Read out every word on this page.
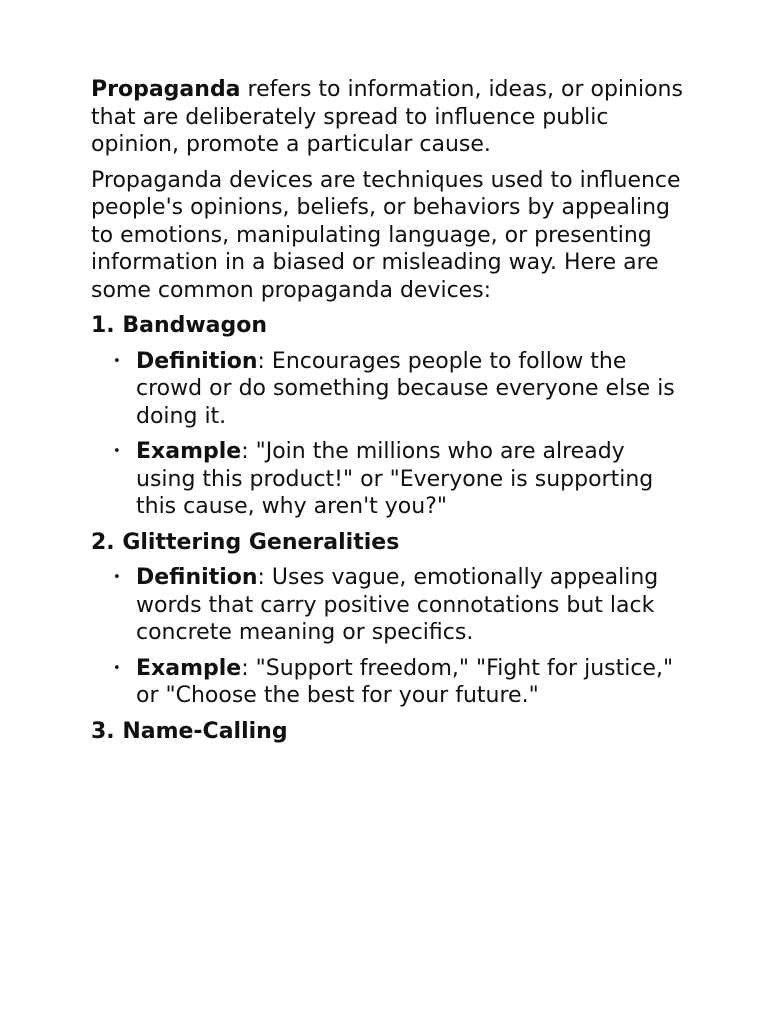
Propaganda refers to information, ideas, or opinions that are deliberately spread to influence public opinion, promote a particular cause.

Propaganda devices are techniques used to influence people's opinions, beliefs, or behaviors by appealing to emotions, manipulating language, or presenting information in a biased or misleading way. Here are some common propaganda devices:

1. Bandwagon
• Definition: Encourages people to follow the crowd or do something because everyone else is doing it.
• Example: "Join the millions who are already using this product!" or "Everyone is supporting this cause, why aren't you?"
2. Glittering Generalities
• Definition: Uses vague, emotionally appealing words that carry positive connotations but lack concrete meaning or specifics.
• Example: "Support freedom," "Fight for justice," or "Choose the best for your future."
3. Name-Calling
